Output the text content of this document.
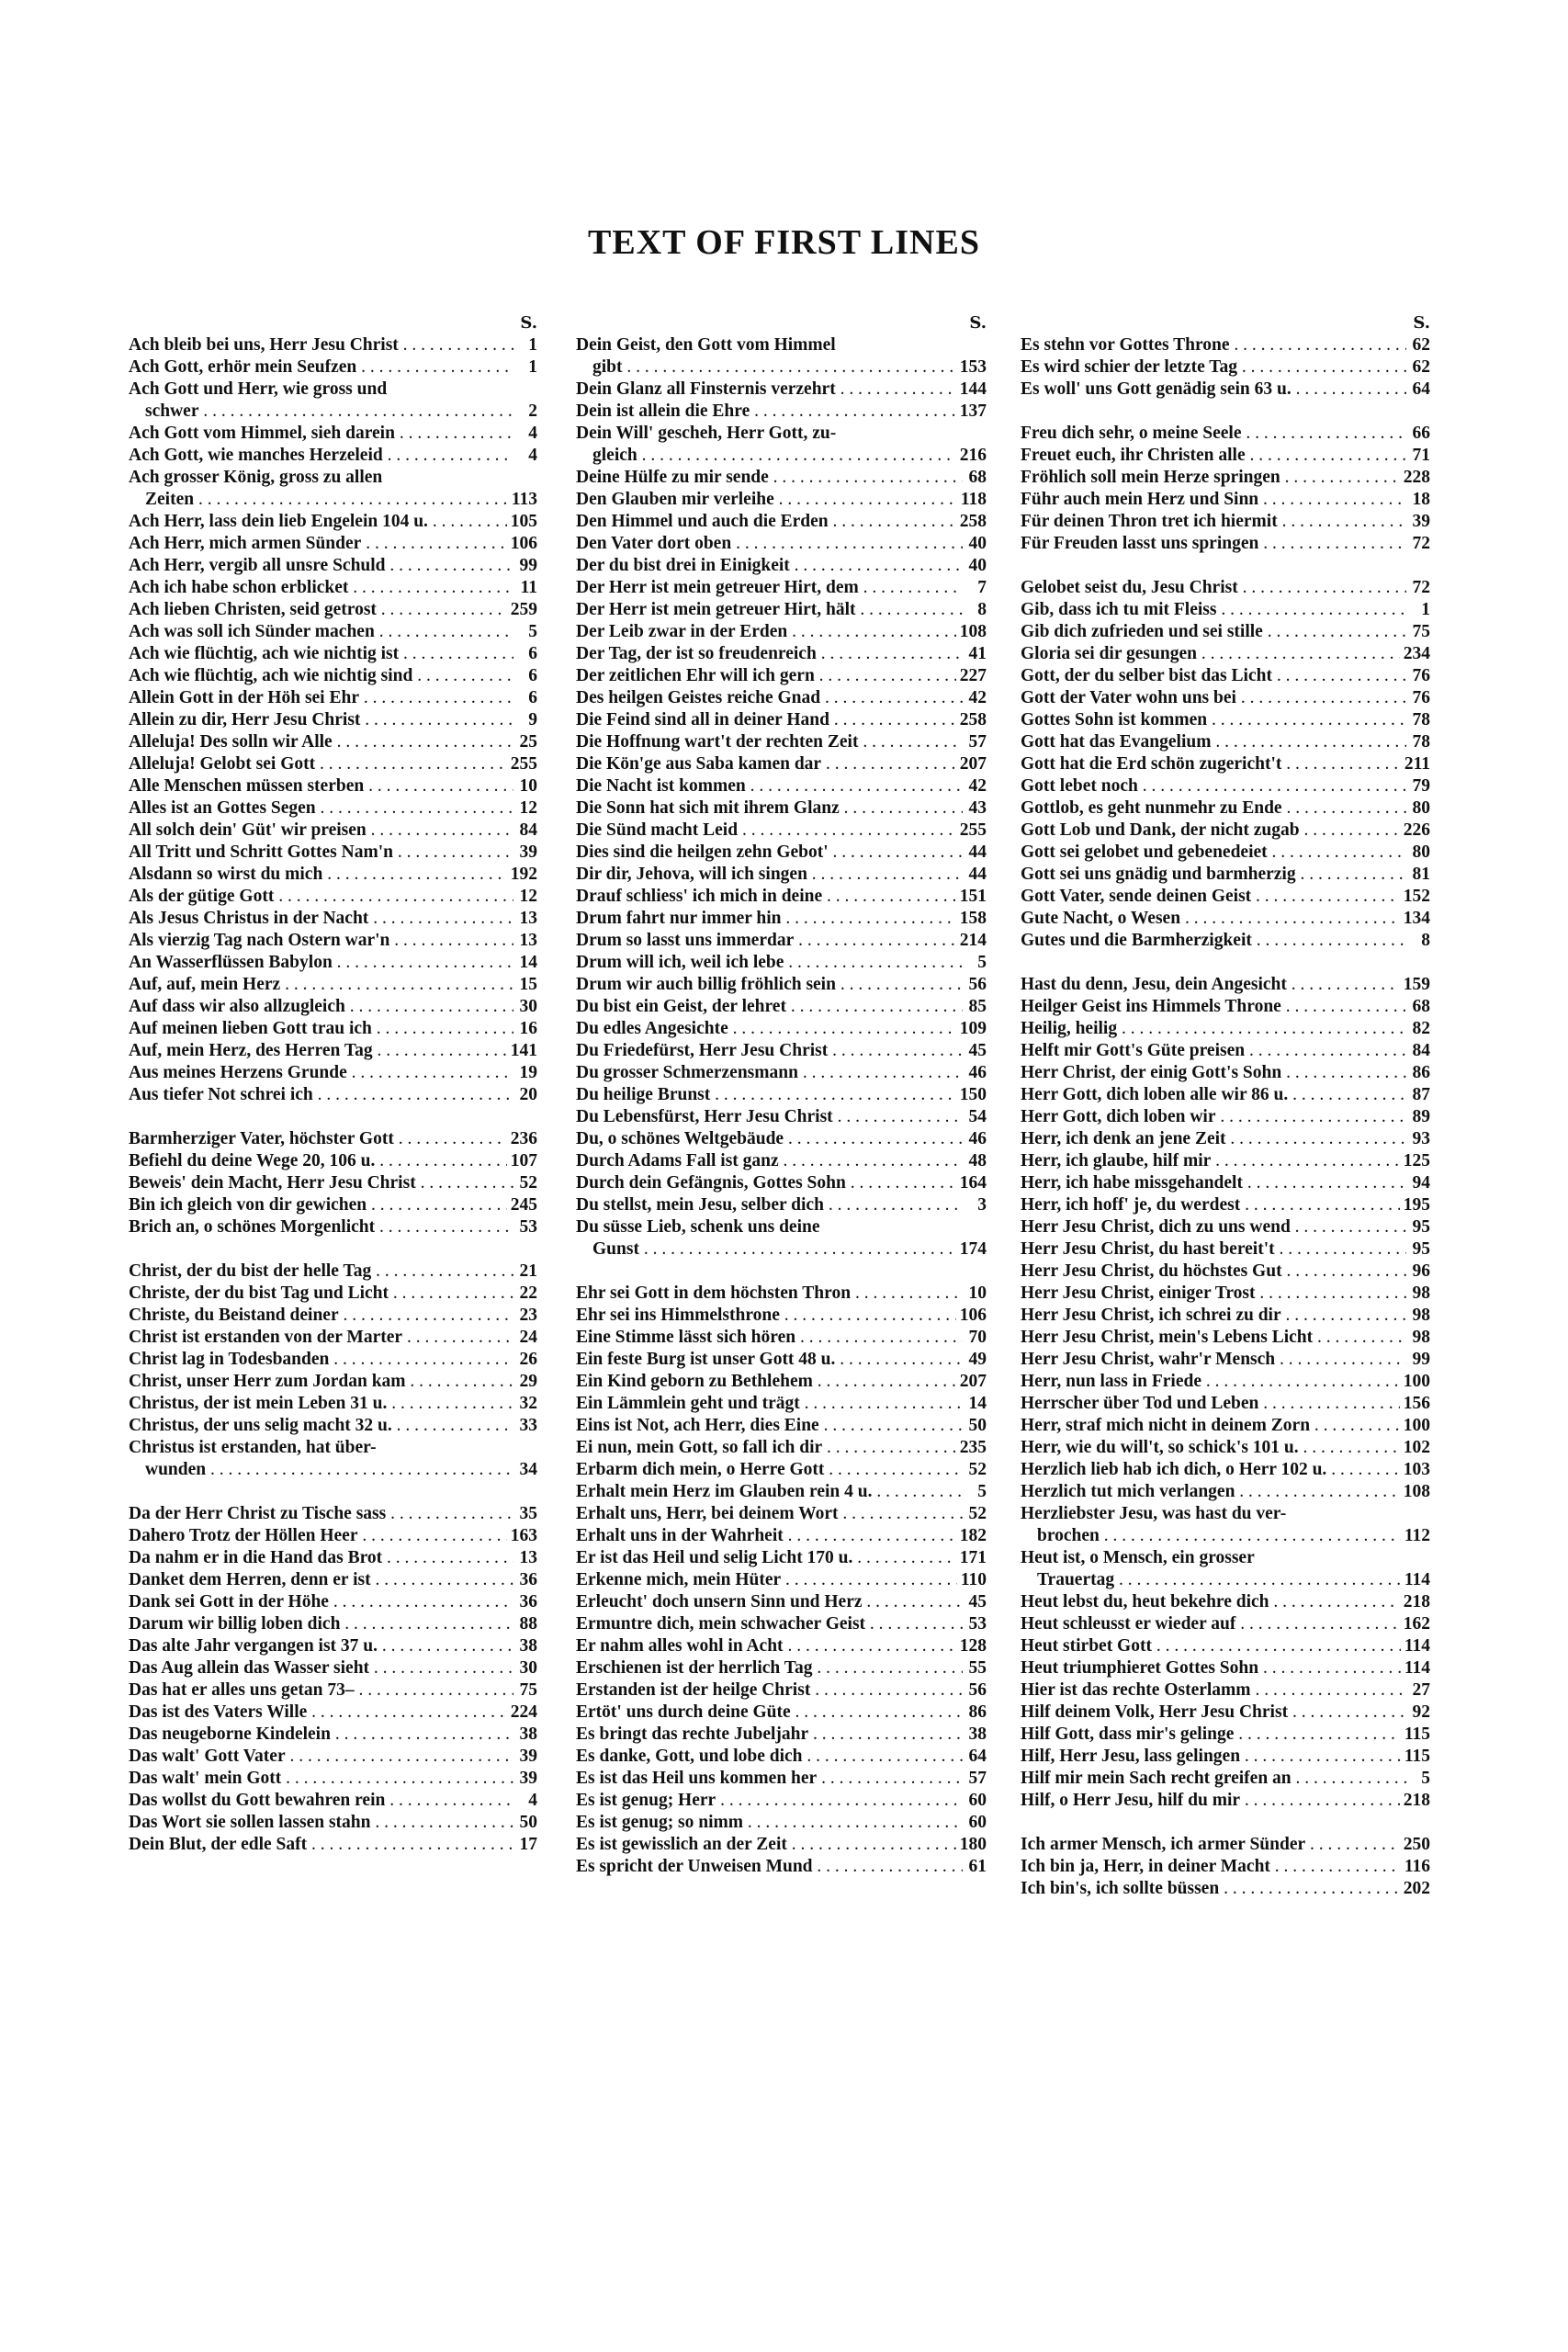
TEXT OF FIRST LINES
S.
Ach bleib bei uns, Herr Jesu Christ . . .	1
Ach Gott, erhör mein Seufzen . . .	1
Ach Gott und Herr, wie gross und
schwer . . .	2
Ach Gott vom Himmel, sieh darein . . .	4
Ach Gott, wie manches Herzeleid . . .	4
Ach grosser König, gross zu allen
Zeiten . . .	113
Ach Herr, lass dein lieb Engelein 104 u. . . .	105
Ach Herr, mich armen Sünder . . .	106
Ach Herr, vergib all unsre Schuld . . .	99
Ach ich habe schon erblicket . . .	11
Ach lieben Christen, seid getrost . . .	259
Ach was soll ich Sünder machen . . .	5
Ach wie flüchtig, ach wie nichtig ist . . .	6
Ach wie flüchtig, ach wie nichtig sind . . .	6
Allein Gott in der Höh sei Ehr . . .	6
Allein zu dir, Herr Jesu Christ . . .	9
Alleluja! Des solln wir Alle . . .	25
Alleluja! Gelobt sei Gott . . .	255
Alle Menschen müssen sterben . . .	10
Alles ist an Gottes Segen . . .	12
All solch dein' Güt' wir preisen . . .	84
All Tritt und Schritt Gottes Nam'n . . .	39
Alsdann so wirst du mich . . .	192
Als der gütige Gott . . .	12
Als Jesus Christus in der Nacht . . .	13
Als vierzig Tag nach Ostern war'n . . .	13
An Wasserflüssen Babylon . . .	14
Auf, auf, mein Herz . . .	15
Auf dass wir also allzugleich . . .	30
Auf meinen lieben Gott trau ich . . .	16
Auf, mein Herz, des Herren Tag . . .	141
Aus meines Herzens Grunde . . .	19
Aus tiefer Not schrei ich . . .	20
Barmherziger Vater, höchster Gott . . .	236
Befiehl du deine Wege 20, 106 u. . . .	107
Beweis' dein Macht, Herr Jesu Christ . . .	52
Bin ich gleich von dir gewichen . . .	245
Brich an, o schönes Morgenlicht . . .	53
Christ, der du bist der helle Tag . . .	21
Christe, der du bist Tag und Licht . . .	22
Christe, du Beistand deiner . . .	23
Christ ist erstanden von der Marter . . .	24
Christ lag in Todesbanden . . .	26
Christ, unser Herr zum Jordan kam . . .	29
Christus, der ist mein Leben 31 u. . . .	32
Christus, der uns selig macht 32 u. . . .	33
Christus ist erstanden, hat über-
wunden . . .	34
Da der Herr Christ zu Tische sass . . .	35
Dahero Trotz der Höllen Heer . . .	163
Da nahm er in die Hand das Brot . . .	13
Danket dem Herren, denn er ist . . .	36
Dank sei Gott in der Höhe . . .	36
Darum wir billig loben dich . . .	88
Das alte Jahr vergangen ist 37 u. . . .	38
Das Aug allein das Wasser sieht . . .	30
Das hat er alles uns getan 73– . . .	75
Das ist des Vaters Wille . . .	224
Das neugeborne Kindelein . . .	38
Das walt' Gott Vater . . .	39
Das walt' mein Gott . . .	39
Das wollst du Gott bewahren rein . . .	4
Das Wort sie sollen lassen stahn . . .	50
Dein Blut, der edle Saft . . .	17
S.
Dein Geist, den Gott vom Himmel
gibt . . .	153
Dein Glanz all Finsternis verzehrt . . .	144
Dein ist allein die Ehre . . .	137
Dein Will' gescheh, Herr Gott, zu-
gleich . . .	216
Deine Hülfe zu mir sende . . .	68
Den Glauben mir verleihe . . .	118
Den Himmel und auch die Erden . . .	258
Den Vater dort oben . . .	40
Der du bist drei in Einigkeit . . .	40
Der Herr ist mein getreuer Hirt, dem . . .	7
Der Herr ist mein getreuer Hirt, hält . . .	8
Der Leib zwar in der Erden . . .	108
Der Tag, der ist so freudenreich . . .	41
Der zeitlichen Ehr will ich gern . . .	227
Des heilgen Geistes reiche Gnad . . .	42
Die Feind sind all in deiner Hand . . .	258
Die Hoffnung wart't der rechten Zeit . . .	57
Die Kön'ge aus Saba kamen dar . . .	207
Die Nacht ist kommen . . .	42
Die Sonn hat sich mit ihrem Glanz . . .	43
Die Sünd macht Leid . . .	255
Dies sind die heilgen zehn Gebot' . . .	44
Dir dir, Jehova, will ich singen . . .	44
Drauf schliess' ich mich in deine . . .	151
Drum fahrt nur immer hin . . .	158
Drum so lasst uns immerdar . . .	214
Drum will ich, weil ich lebe . . .	5
Drum wir auch billig fröhlich sein . . .	56
Du bist ein Geist, der lehret . . .	85
Du edles Angesichte . . .	109
Du Friedefürst, Herr Jesu Christ . . .	45
Du grosser Schmerzensmann . . .	46
Du heilige Brunst . . .	150
Du Lebensfürst, Herr Jesu Christ . . .	54
Du, o schönes Weltgebäude . . .	46
Durch Adams Fall ist ganz . . .	48
Durch dein Gefängnis, Gottes Sohn . . .	164
Du stellst, mein Jesu, selber dich . . .	3
Du süsse Lieb, schenk uns deine
Gunst . . .	174
Ehr sei Gott in dem höchsten Thron . . .	10
Ehr sei ins Himmelsthrone . . .	106
Eine Stimme lässt sich hören . . .	70
Ein feste Burg ist unser Gott 48 u. . . .	49
Ein Kind geborn zu Bethlehem . . .	207
Ein Lämmlein geht und trägt . . .	14
Eins ist Not, ach Herr, dies Eine . . .	50
Ei nun, mein Gott, so fall ich dir . . .	235
Erbarm dich mein, o Herre Gott . . .	52
Erhalt mein Herz im Glauben rein 4 u. . . .	5
Erhalt uns, Herr, bei deinem Wort . . .	52
Erhalt uns in der Wahrheit . . .	182
Er ist das Heil und selig Licht 170 u. . . .	171
Erkenne mich, mein Hüter . . .	110
Erleucht' doch unsern Sinn und Herz . . .	45
Ermuntre dich, mein schwacher Geist . . .	53
Er nahm alles wohl in Acht . . .	128
Erschienen ist der herrlich Tag . . .	55
Erstanden ist der heilge Christ . . .	56
Ertöt' uns durch deine Güte . . .	86
Es bringt das rechte Jubeljahr . . .	38
Es danke, Gott, und lobe dich . . .	64
Es ist das Heil uns kommen her . . .	57
Es ist genug; Herr . . .	60
Es ist genug; so nimm . . .	60
Es ist gewisslich an der Zeit . . .	180
Es spricht der Unweisen Mund . . .	61
S.
Es stehn vor Gottes Throne . . .	62
Es wird schier der letzte Tag . . .	62
Es woll' uns Gott genädig sein 63 u. . . .	64
Freu dich sehr, o meine Seele . . .	66
Freuet euch, ihr Christen alle . . .	71
Fröhlich soll mein Herze springen . . .	228
Führ auch mein Herz und Sinn . . .	18
Für deinen Thron tret ich hiermit . . .	39
Für Freuden lasst uns springen . . .	72
Gelobet seist du, Jesu Christ . . .	72
Gib, dass ich tu mit Fleiss . . .	1
Gib dich zufrieden und sei stille . . .	75
Gloria sei dir gesungen . . .	234
Gott, der du selber bist das Licht . . .	76
Gott der Vater wohn uns bei . . .	76
Gottes Sohn ist kommen . . .	78
Gott hat das Evangelium . . .	78
Gott hat die Erd schön zugericht't . . .	211
Gott lebet noch . . .	79
Gottlob, es geht nunmehr zu Ende . . .	80
Gott Lob und Dank, der nicht zugab . . .	226
Gott sei gelobet und gebenedeiet . . .	80
Gott sei uns gnädig und barmherzig . . .	81
Gott Vater, sende deinen Geist . . .	152
Gute Nacht, o Wesen . . .	134
Gutes und die Barmherzigkeit . . .	8
Hast du denn, Jesu, dein Angesicht . . .	159
Heilger Geist ins Himmels Throne . . .	68
Heilig, heilig . . .	82
Helft mir Gott's Güte preisen . . .	84
Herr Christ, der einig Gott's Sohn . . .	86
Herr Gott, dich loben alle wir 86 u. . . .	87
Herr Gott, dich loben wir . . .	89
Herr, ich denk an jene Zeit . . .	93
Herr, ich glaube, hilf mir . . .	125
Herr, ich habe missgehandelt . . .	94
Herr, ich hoff' je, du werdest . . .	195
Herr Jesu Christ, dich zu uns wend . . .	95
Herr Jesu Christ, du hast bereit't . . .	95
Herr Jesu Christ, du höchstes Gut . . .	96
Herr Jesu Christ, einiger Trost . . .	98
Herr Jesu Christ, ich schrei zu dir . . .	98
Herr Jesu Christ, mein's Lebens Licht . . .	98
Herr Jesu Christ, wahr'r Mensch . . .	99
Herr, nun lass in Friede . . .	100
Herrscher über Tod und Leben . . .	156
Herr, straf mich nicht in deinem Zorn . . .	100
Herr, wie du will't, so schick's 101 u. . . .	102
Herzlich lieb hab ich dich, o Herr 102 u. . . .	103
Herzlich tut mich verlangen . . .	108
Herzliebster Jesu, was hast du ver-
brochen . . .	112
Heut ist, o Mensch, ein grosser
Trauertag . . .	114
Heut lebst du, heut bekehre dich . . .	218
Heut schleusst er wieder auf . . .	162
Heut stirbet Gott . . .	114
Heut triumphieret Gottes Sohn . . .	114
Hier ist das rechte Osterlamm . . .	27
Hilf deinem Volk, Herr Jesu Christ . . .	92
Hilf Gott, dass mir's gelinge . . .	115
Hilf, Herr Jesu, lass gelingen . . .	115
Hilf mir mein Sach recht greifen an . . .	5
Hilf, o Herr Jesu, hilf du mir . . .	218
Ich armer Mensch, ich armer Sünder . . .	250
Ich bin ja, Herr, in deiner Macht . . .	116
Ich bin's, ich sollte büssen . . .	202
